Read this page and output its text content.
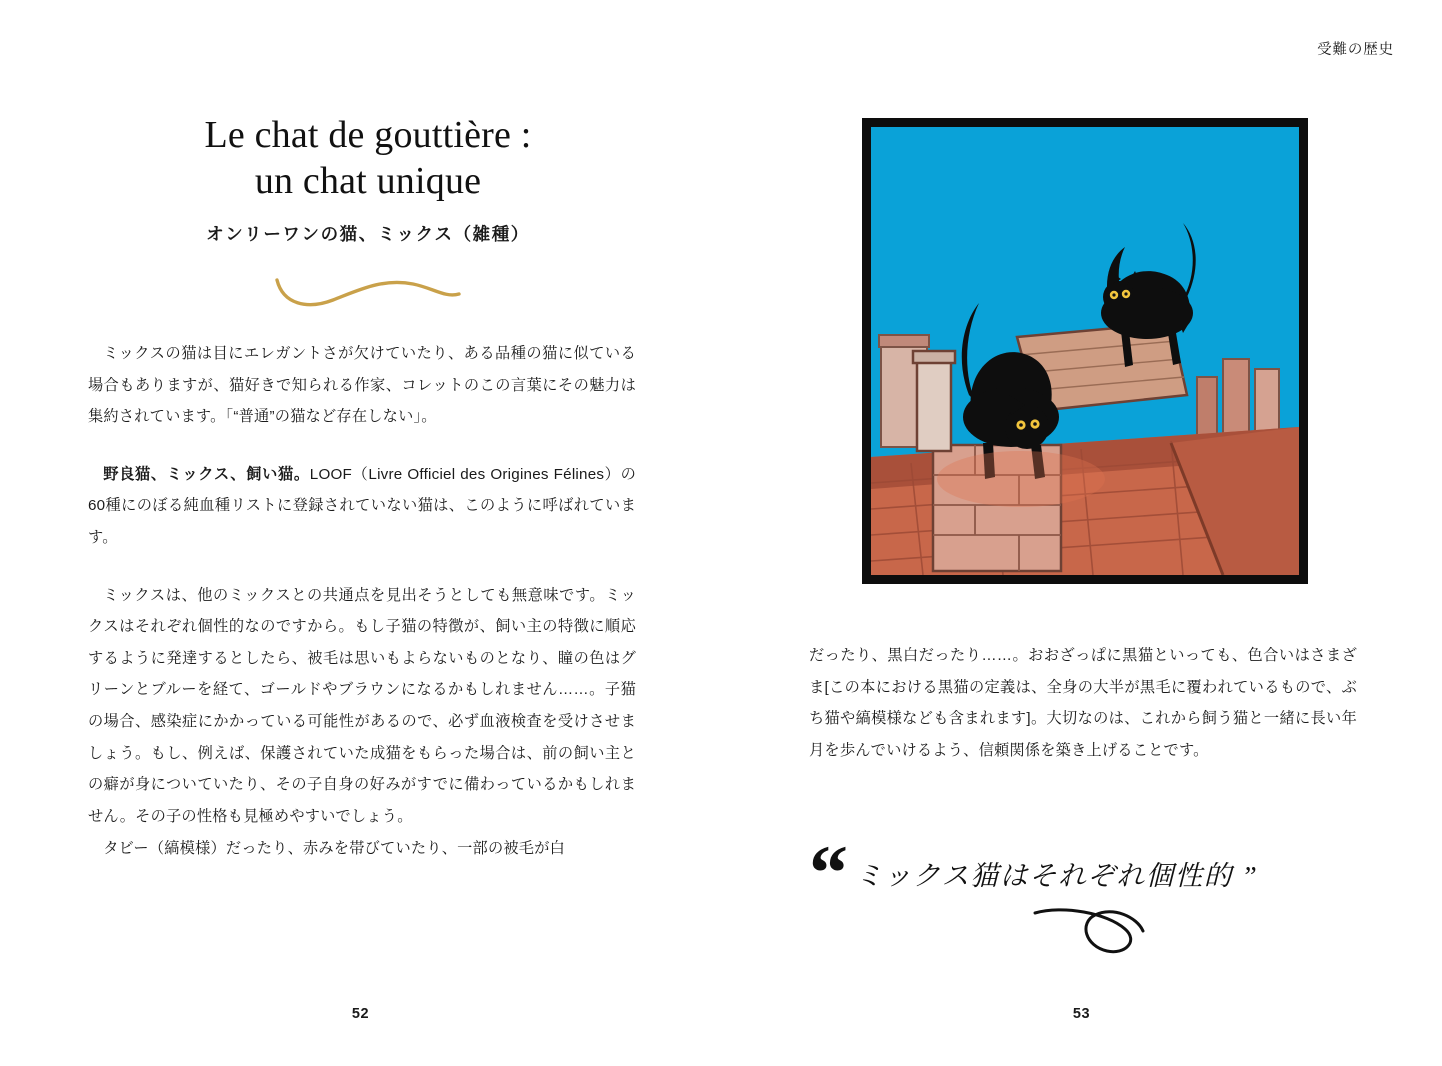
Le chat de gouttière :
un chat unique
オンリーワンの猫、ミックス（雑種）

ミックスの猫は目にエレガントさが欠けていたり、ある品種の猫に似ている場合もありますが、猫好きで知られる作家、コレットのこの言葉にその魅力は集約されています。「“普通”の猫など存在しない」。

野良猫、ミックス、飼い猫。LOOF（Livre Officiel des Origines Félines）の60種にのぼる純血種リストに登録されていない猫は、このように呼ばれています。

ミックスは、他のミックスとの共通点を見出そうとしても無意味です。ミックスはそれぞれ個性的なのですから。もし子猫の特徴が、飼い主の特徴に順応するように発達するとしたら、被毛は思いもよらないものとなり、瞳の色はグリーンとブルーを経て、ゴールドやブラウンになるかもしれません……。子猫の場合、感染症にかかっている可能性があるので、必ず血液検査を受けさせましょう。もし、例えば、保護されていた成猫をもらった場合は、前の飼い主との癖が身についていたり、その子自身の好みがすでに備わっているかもしれません。その子の性格も見極めやすいでしょう。

タビー（縞模様）だったり、赤みを帯びていたり、一部の被毛が白

52
受難の歴史

だったり、黒白だったり……。おおざっぱに黒猫といっても、色合いはさまざま[この本における黒猫の定義は、全身の大半が黒毛に覆われているもので、ぶち猫や縞模様なども含まれます]。大切なのは、これから飼う猫と一緒に長い年月を歩んでいけるよう、信頼関係を築き上げることです。

“ ミックス猫はそれぞれ個性的 ”
53
